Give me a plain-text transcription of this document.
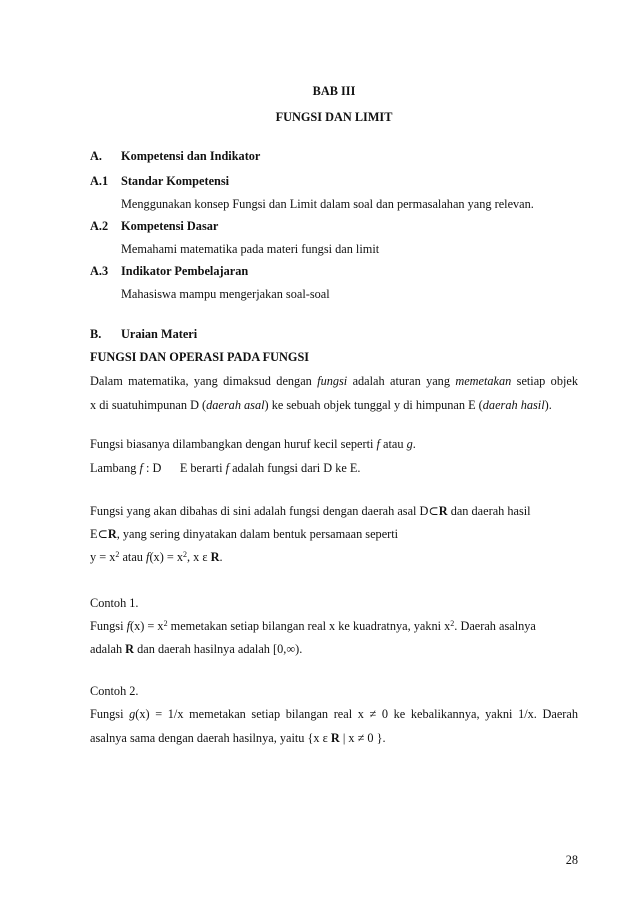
BAB III
FUNGSI DAN LIMIT
A. Kompetensi dan Indikator
A.1 Standar Kompetensi
Menggunakan konsep Fungsi dan Limit dalam soal dan permasalahan yang relevan.
A.2 Kompetensi Dasar
Memahami matematika pada materi fungsi dan limit
A.3 Indikator Pembelajaran
Mahasiswa mampu mengerjakan soal-soal
B. Uraian Materi
FUNGSI DAN OPERASI PADA FUNGSI
Dalam matematika, yang dimaksud dengan fungsi adalah aturan yang memetakan setiap objek
x di suatuhimpunan D (daerah asal) ke sebuah objek tunggal y di himpunan E (daerah hasil).
Fungsi biasanya dilambangkan dengan huruf kecil seperti f atau g.
Lambang f : D      E berarti f adalah fungsi dari D ke E.
Fungsi yang akan dibahas di sini adalah fungsi dengan daerah asal D⊂R dan daerah hasil
E⊂R, yang sering dinyatakan dalam bentuk persamaan seperti
$y = x^2$ atau $f(x) = x^2$, x ε R.
Contoh 1.
Fungsi $f(x) = x^2$ memetakan setiap bilangan real x ke kuadratnya, yakni $x^2$. Daerah asalnya
adalah R dan daerah hasilnya adalah [0,∞).
Contoh 2.
Fungsi g(x) = 1/x memetakan setiap bilangan real x ≠ 0 ke kebalikannya, yakni 1/x. Daerah
asalnya sama dengan daerah hasilnya, yaitu {x ε R | x ≠ 0 }.
28
